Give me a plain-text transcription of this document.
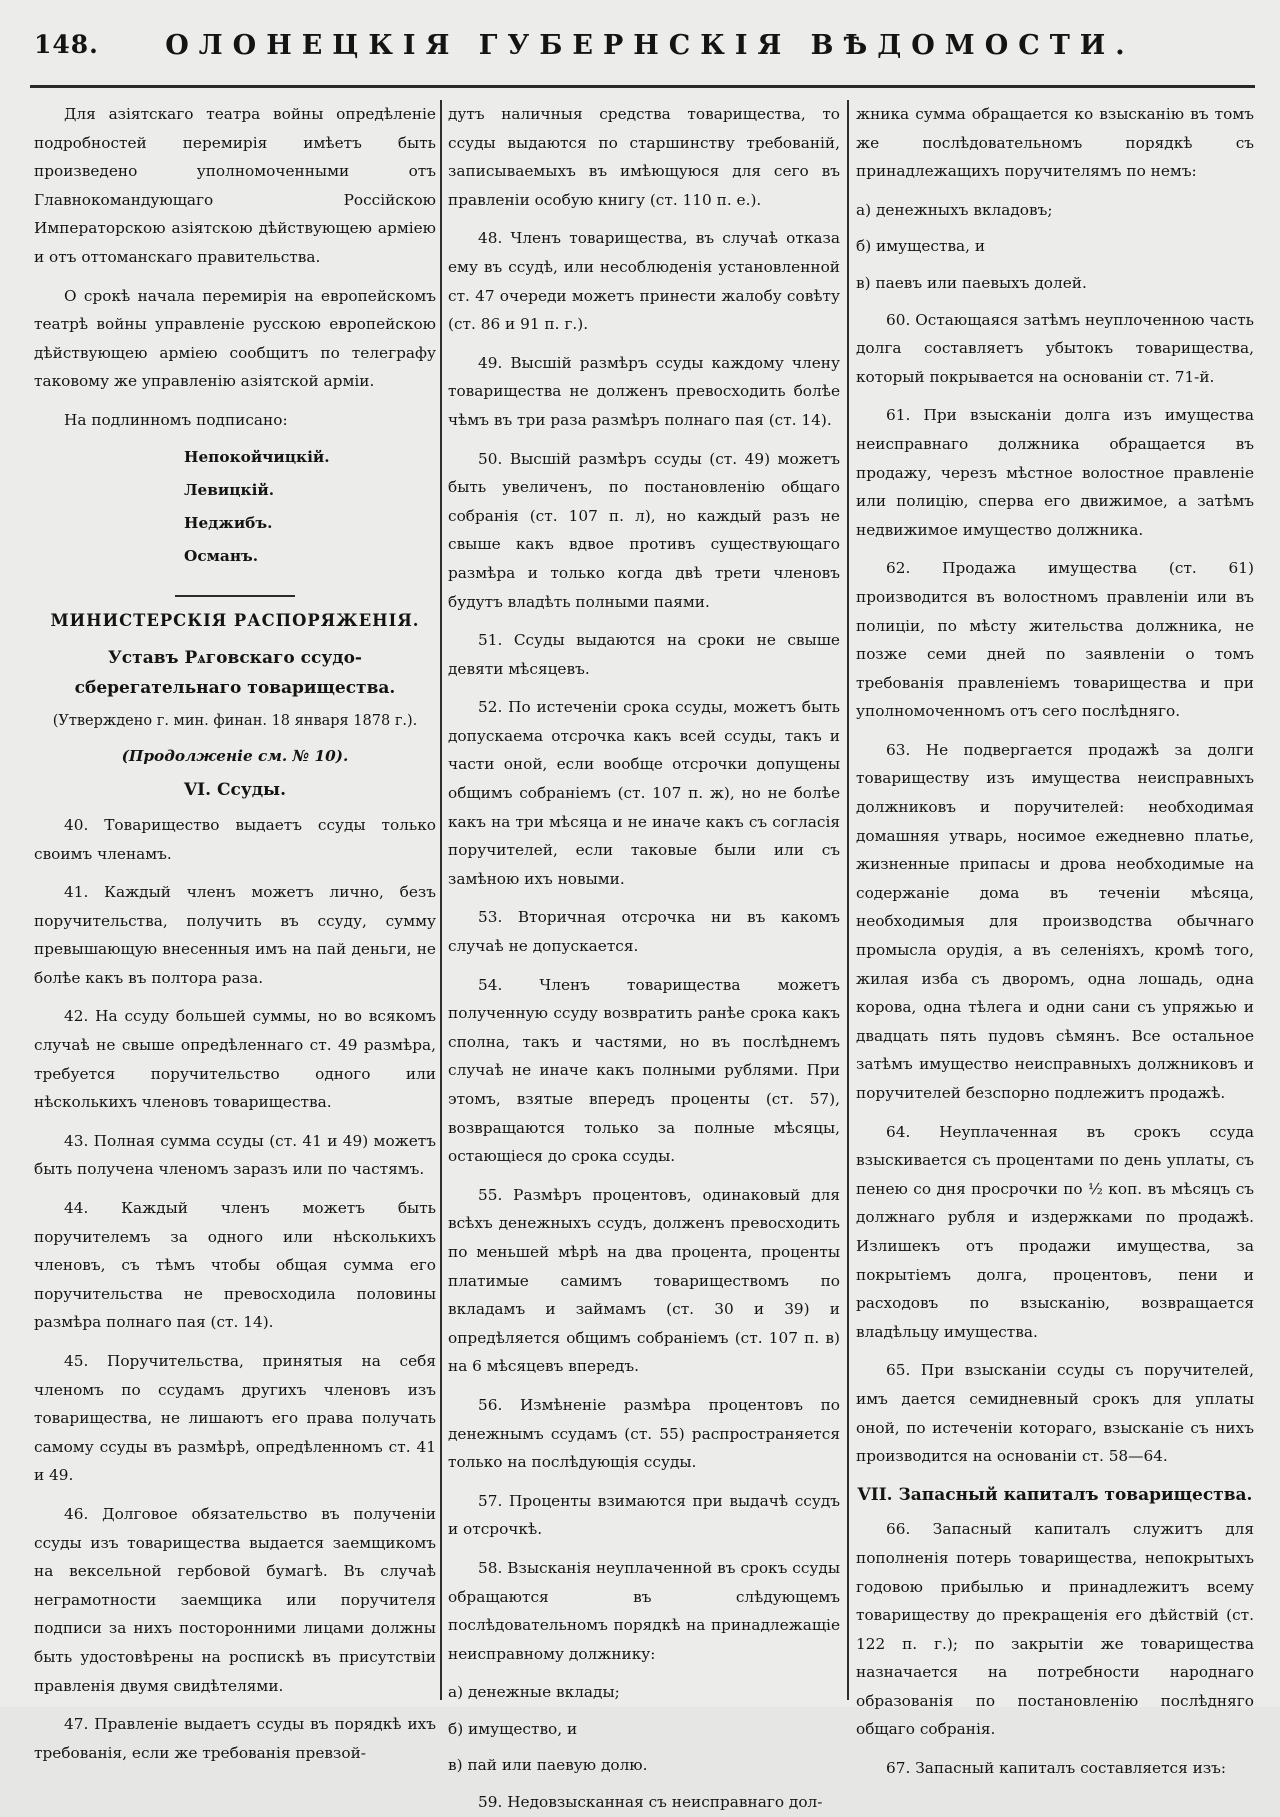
148.	ОЛОНЕЦКІЯ ГУБЕРНСКІЯ ВѢДОМОСТИ.

Для азіятскаго театра войны опредѣленіе подробностей перемирія имѣетъ быть произведено уполномоченными отъ Главнокомандующаго Россійскою Императорскою азіятскою дѣйствующею арміею и отъ оттоманскаго правительства.

О срокѣ начала перемирія на европейскомъ театрѣ войны управленіе русскою европейскою дѣйствующею арміею сообщитъ по телеграфу таковому же управленію азіятской арміи.

На подлинномъ подписано:
Непокойчицкій.
Левицкій.
Неджибъ.
Османъ.
МИНИСТЕРСКІЯ РАСПОРЯЖЕНІЯ.
Уставъ Рѧговскаго ссудо-сберегательнаго товарищества.
(Утверждено г. мин. финан. 18 января 1878 г.).
(Продолженіе см. № 10).
VI. Ссуды.

40. Товарищество выдаетъ ссуды только своимъ членамъ.

41. Каждый членъ можетъ лично, безъ поручительства, получить въ ссуду, сумму превышающую внесенныя имъ на пай деньги, не болѣе какъ въ полтора раза.

42. На ссуду большей суммы, но во всякомъ случаѣ не свыше опредѣленнаго ст. 49 размѣра, требуется поручительство одного или нѣсколькихъ членовъ товарищества.

43. Полная сумма ссуды (ст. 41 и 49) можетъ быть получена членомъ заразъ или по частямъ.

44. Каждый членъ можетъ быть поручителемъ за одного или нѣсколькихъ членовъ, съ тѣмъ чтобы общая сумма его поручительства не превосходила половины размѣра полнаго пая (ст. 14).

45. Поручительства, принятыя на себя членомъ по ссудамъ другихъ членовъ изъ товарищества, не лишаютъ его права получать самому ссуды въ размѣрѣ, опредѣленномъ ст. 41 и 49.

46. Долговое обязательство въ полученіи ссуды изъ товарищества выдается заемщикомъ на вексельной гербовой бумагѣ. Въ случаѣ неграмотности заемщика или поручителя подписи за нихъ посторонними лицами должны быть удостовѣрены на роспискѣ въ присутствіи правленія двумя свидѣтелями.

47. Правленіе выдаетъ ссуды въ порядкѣ ихъ требованія, если же требованія превзой-

дутъ наличныя средства товарищества, то ссуды выдаются по старшинству требованій, записываемыхъ въ имѣющуюся для сего въ правленіи особую книгу (ст. 110 п. е.).

48. Членъ товарищества, въ случаѣ отказа ему въ ссудѣ, или несоблюденія установленной ст. 47 очереди можетъ принести жалобу совѣту (ст. 86 и 91 п. г.).

49. Высшій размѣръ ссуды каждому члену товарищества не долженъ превосходить болѣе чѣмъ въ три раза размѣръ полнаго пая (ст. 14).

50. Высшій размѣръ ссуды (ст. 49) можетъ быть увеличенъ, по постановленію общаго собранія (ст. 107 п. л), но каждый разъ не свыше какъ вдвое противъ существующаго размѣра и только когда двѣ трети членовъ будутъ владѣть полными паями.

51. Ссуды выдаются на сроки не свыше девяти мѣсяцевъ.

52. По истеченіи срока ссуды, можетъ быть допускаема отсрочка какъ всей ссуды, такъ и части оной, если вообще отсрочки допущены общимъ собраніемъ (ст. 107 п. ж), но не болѣе какъ на три мѣсяца и не иначе какъ съ согласія поручителей, если таковые были или съ замѣною ихъ новыми.

53. Вторичная отсрочка ни въ какомъ случаѣ не допускается.

54. Членъ товарищества можетъ полученную ссуду возвратить ранѣе срока какъ сполна, такъ и частями, но въ послѣднемъ случаѣ не иначе какъ полными рублями. При этомъ, взятые впередъ проценты (ст. 57), возвращаются только за полные мѣсяцы, остающіеся до срока ссуды.

55. Размѣръ процентовъ, одинаковый для всѣхъ денежныхъ ссудъ, долженъ превосходить по меньшей мѣрѣ на два процента, проценты платимые самимъ товариществомъ по вкладамъ и займамъ (ст. 30 и 39) и опредѣляется общимъ собраніемъ (ст. 107 п. в) на 6 мѣсяцевъ впередъ.

56. Измѣненіе размѣра процентовъ по денежнымъ ссудамъ (ст. 55) распространяется только на послѣдующія ссуды.

57. Проценты взимаются при выдачѣ ссудъ и отсрочкѣ.

58. Взысканія неуплаченной въ срокъ ссуды обращаются въ слѣдующемъ послѣдовательномъ порядкѣ на принадлежащіе неисправному должнику:

а) денежные вклады;

б) имущество, и

в) пай или паевую долю.

59. Недовзысканная съ неисправнаго дол-

жника сумма обращается ко взысканію въ томъ же послѣдовательномъ порядкѣ съ принадлежащихъ поручителямъ по немъ:

а) денежныхъ вкладовъ;

б) имущества, и

в) паевъ или паевыхъ долей.

60. Остающаяся затѣмъ неуплоченною часть долга составляетъ убытокъ товарищества, который покрывается на основаніи ст. 71-й.

61. При взысканіи долга изъ имущества неисправнаго должника обращается въ продажу, черезъ мѣстное волостное правленіе или полицію, сперва его движимое, а затѣмъ недвижимое имущество должника.

62. Продажа имущества (ст. 61) производится въ волостномъ правленіи или въ полиціи, по мѣсту жительства должника, не позже семи дней по заявленіи о томъ требованія правленіемъ товарищества и при уполномоченномъ отъ сего послѣдняго.

63. Не подвергается продажѣ за долги товариществу изъ имущества неисправныхъ должниковъ и поручителей: необходимая домашняя утварь, носимое ежедневно платье, жизненные припасы и дрова необходимые на содержаніе дома въ теченіи мѣсяца, необходимыя для производства обычнаго промысла орудія, а въ селеніяхъ, кромѣ того, жилая изба съ дворомъ, одна лошадь, одна корова, одна тѣлега и одни сани съ упряжью и двадцать пять пудовъ сѣмянъ. Все остальное затѣмъ имущество неисправныхъ должниковъ и поручителей безспорно подлежитъ продажѣ.

64. Неуплаченная въ срокъ ссуда взыскивается съ процентами по день уплаты, съ пенею со дня просрочки по ½ коп. въ мѣсяцъ съ должнаго рубля и издержками по продажѣ. Излишекъ отъ продажи имущества, за покрытіемъ долга, процентовъ, пени и расходовъ по взысканію, возвращается владѣльцу имущества.

65. При взысканіи ссуды съ поручителей, имъ дается семидневный срокъ для уплаты оной, по истеченіи котораго, взысканіе съ нихъ производится на основаніи ст. 58—64.

VII. Запасный капиталъ товарищества.

66. Запасный капиталъ служитъ для пополненія потерь товарищества, непокрытыхъ годовою прибылью и принадлежитъ всему товариществу до прекращенія его дѣйствій (ст. 122 п. г.); по закрытіи же товарищества назначается на потребности народнаго образованія по постановленію послѣдняго общаго собранія.

67. Запасный капиталъ составляется изъ:
